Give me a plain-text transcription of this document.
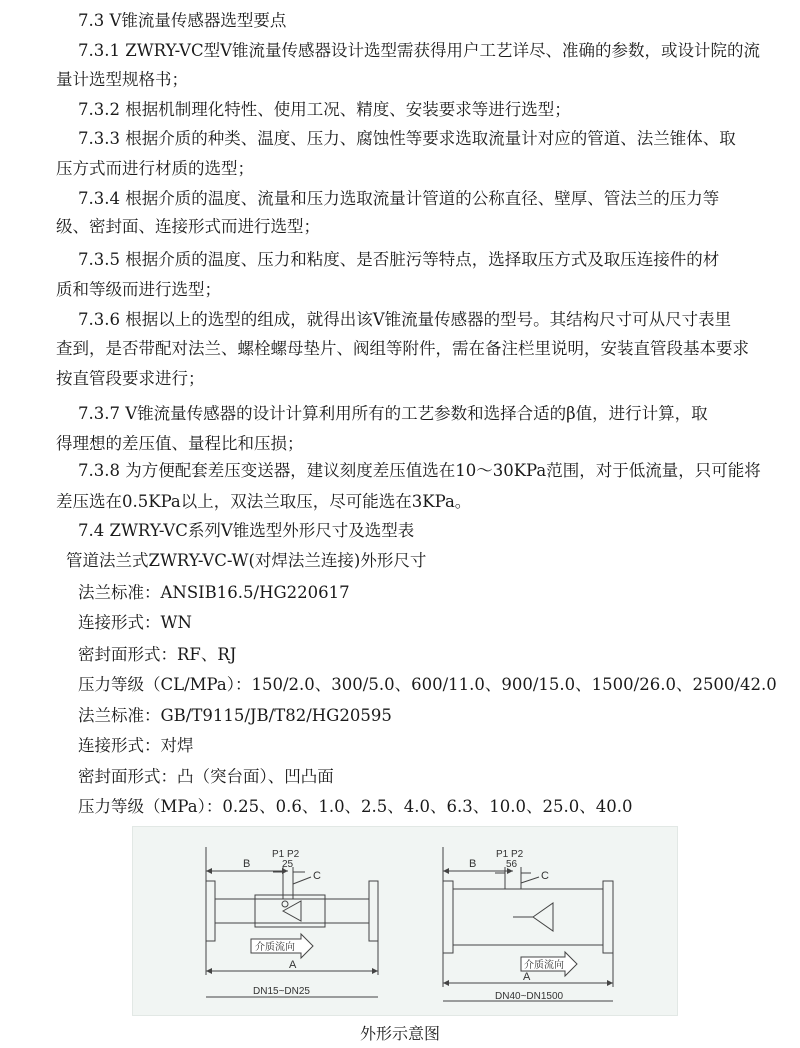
7.3 V锥流量传感器选型要点
7.3.1 ZWRY-VC型V锥流量传感器设计选型需获得用户工艺详尽、准确的参数，或设计院的流
量计选型规格书；
7.3.2 根据机制理化特性、使用工况、精度、安装要求等进行选型；
7.3.3 根据介质的种类、温度、压力、腐蚀性等要求选取流量计对应的管道、法兰锥体、取
压方式而进行材质的选型；
7.3.4 根据介质的温度、流量和压力选取流量计管道的公称直径、壁厚、管法兰的压力等
级、密封面、连接形式而进行选型；
7.3.5 根据介质的温度、压力和粘度、是否脏污等特点，选择取压方式及取压连接件的材
质和等级而进行选型；
7.3.6 根据以上的选型的组成，就得出该V锥流量传感器的型号。其结构尺寸可从尺寸表里
查到，是否带配对法兰、螺栓螺母垫片、阀组等附件，需在备注栏里说明，安装直管段基本要求
按直管段要求进行；
7.3.7 V锥流量传感器的设计计算利用所有的工艺参数和选择合适的β值，进行计算，取
得理想的差压值、量程比和压损；
7.3.8 为方便配套差压变送器，建议刻度差压值选在10～30KPa范围，对于低流量，只可能将
差压选在0.5KPa以上，双法兰取压，尽可能选在3KPa。
7.4 ZWRY-VC系列V锥选型外形尺寸及选型表
管道法兰式ZWRY-VC-W(对焊法兰连接)外形尺寸
法兰标准：ANSIB16.5/HG220617
连接形式：WN
密封面形式：RF、RJ
压力等级（CL/MPa）：150/2.0、300/5.0、600/11.0、900/15.0、1500/26.0、2500/42.0
法兰标准：GB/T9115/JB/T82/HG20595
连接形式：对焊
密封面形式：凸（突台面）、凹凸面
压力等级（MPa）：0.25、0.6、1.0、2.5、4.0、6.3、10.0、25.0、40.0
B
P1 P2
25
C
介质流向
A
DN15~DN25
B
P1 P2
56
C
介质流向
A
DN40~DN1500
外形示意图
